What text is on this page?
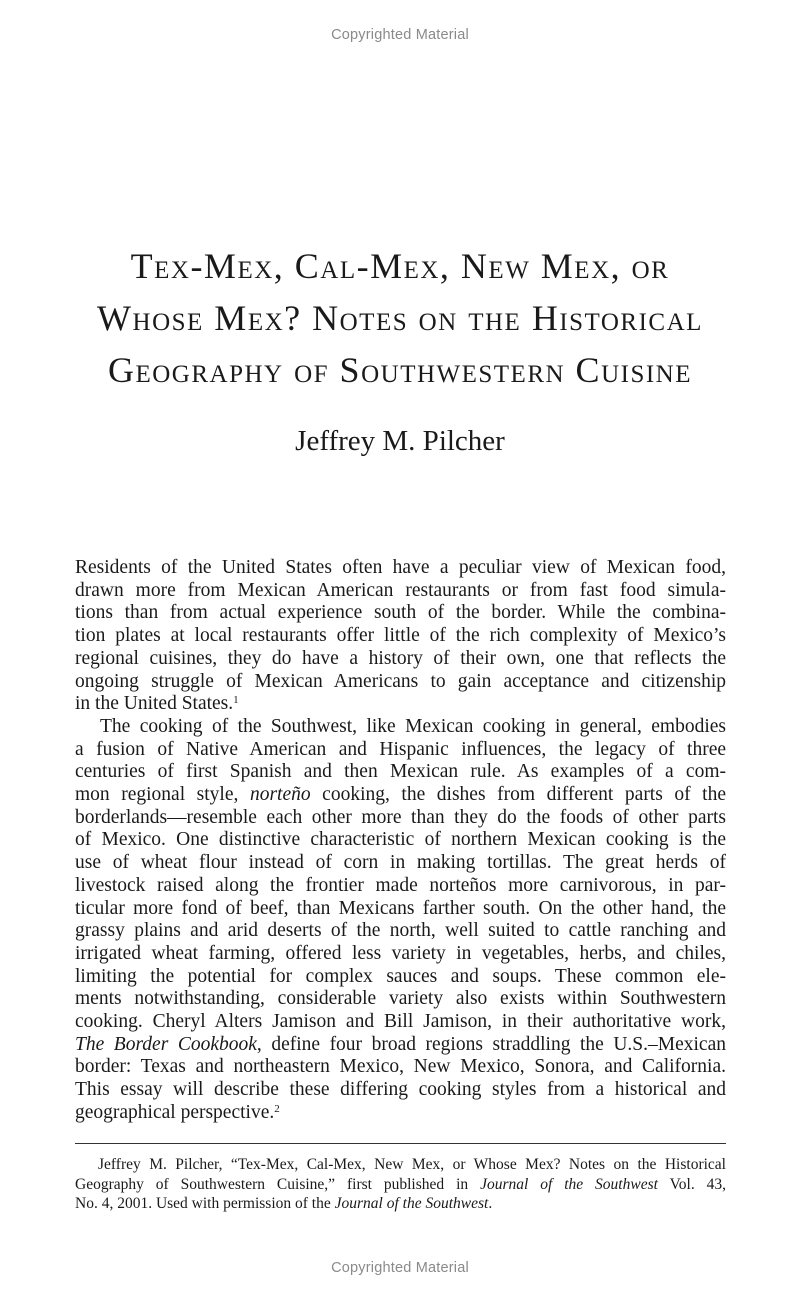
Copyrighted Material
Tex-Mex, Cal-Mex, New Mex, or
Whose Mex? Notes on the Historical
Geography of Southwestern Cuisine
Jeffrey M. Pilcher

Residents of the United States often have a peculiar view of Mexican food,
drawn more from Mexican American restaurants or from fast food simula-
tions than from actual experience south of the border. While the combina-
tion plates at local restaurants offer little of the rich complexity of Mexico’s
regional cuisines, they do have a history of their own, one that reflects the
ongoing struggle of Mexican Americans to gain acceptance and citizenship
in the United States.$^1$

The cooking of the Southwest, like Mexican cooking in general, embodies
a fusion of Native American and Hispanic influences, the legacy of three
centuries of first Spanish and then Mexican rule. As examples of a com-
mon regional style, norteño cooking, the dishes from different parts of the
borderlands—resemble each other more than they do the foods of other parts
of Mexico. One distinctive characteristic of northern Mexican cooking is the
use of wheat flour instead of corn in making tortillas. The great herds of
livestock raised along the frontier made norteños more carnivorous, in par-
ticular more fond of beef, than Mexicans farther south. On the other hand, the
grassy plains and arid deserts of the north, well suited to cattle ranching and
irrigated wheat farming, offered less variety in vegetables, herbs, and chiles,
limiting the potential for complex sauces and soups. These common ele-
ments notwithstanding, considerable variety also exists within Southwestern
cooking. Cheryl Alters Jamison and Bill Jamison, in their authoritative work,
The Border Cookbook, define four broad regions straddling the U.S.–Mexican
border: Texas and northeastern Mexico, New Mexico, Sonora, and California.
This essay will describe these differing cooking styles from a historical and
geographical perspective.$^2$

Jeffrey M. Pilcher, “Tex-Mex, Cal-Mex, New Mex, or Whose Mex? Notes on the Historical
Geography of Southwestern Cuisine,” first published in Journal of the Southwest Vol. 43,
No. 4, 2001. Used with permission of the Journal of the Southwest.
Copyrighted Material
